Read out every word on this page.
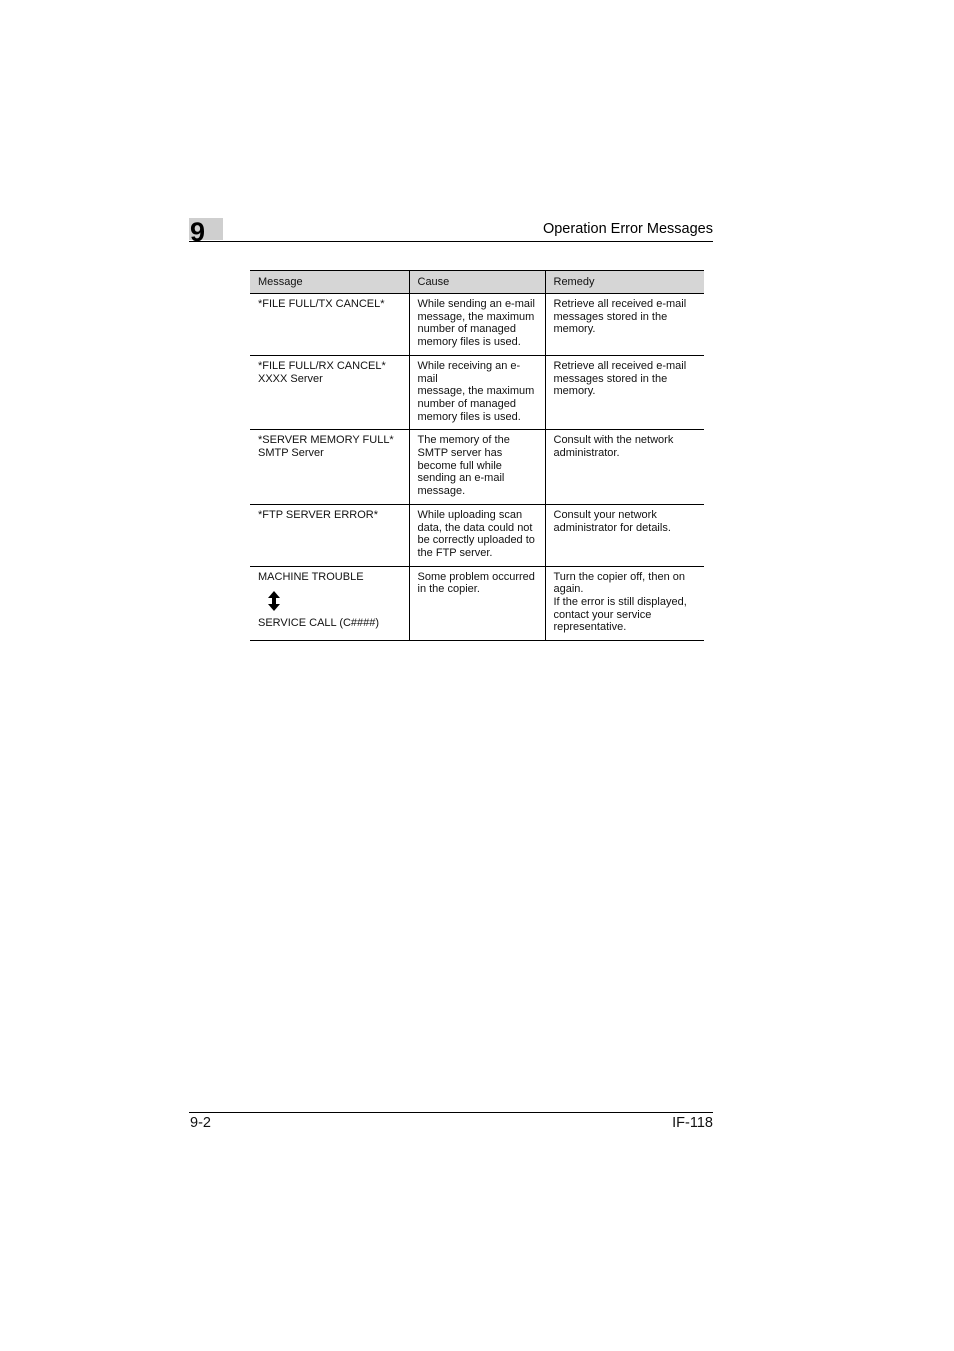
9	Operation Error Messages
Message	Cause	Remedy

*FILE FULL/TX CANCEL*	While sending an e-mail
message, the maximum
number of managed
memory files is used.	Retrieve all received e-mail
messages stored in the
memory.

*FILE FULL/RX CANCEL*
XXXX Server	While receiving an e-mail
message, the maximum
number of managed
memory files is used.	Retrieve all received e-mail
messages stored in the
memory.

*SERVER MEMORY FULL*
SMTP Server	The memory of the
SMTP server has
become full while
sending an e-mail
message.	Consult with the network
administrator.

*FTP SERVER ERROR*	While uploading scan
data, the data could not
be correctly uploaded to
the FTP server.	Consult your network
administrator for details.

MACHINE TROUBLE
SERVICE CALL (C####)	Some problem occurred
in the copier.	Turn the copier off, then on
again.
If the error is still displayed,
contact your service
representative.
9-2	IF-118
